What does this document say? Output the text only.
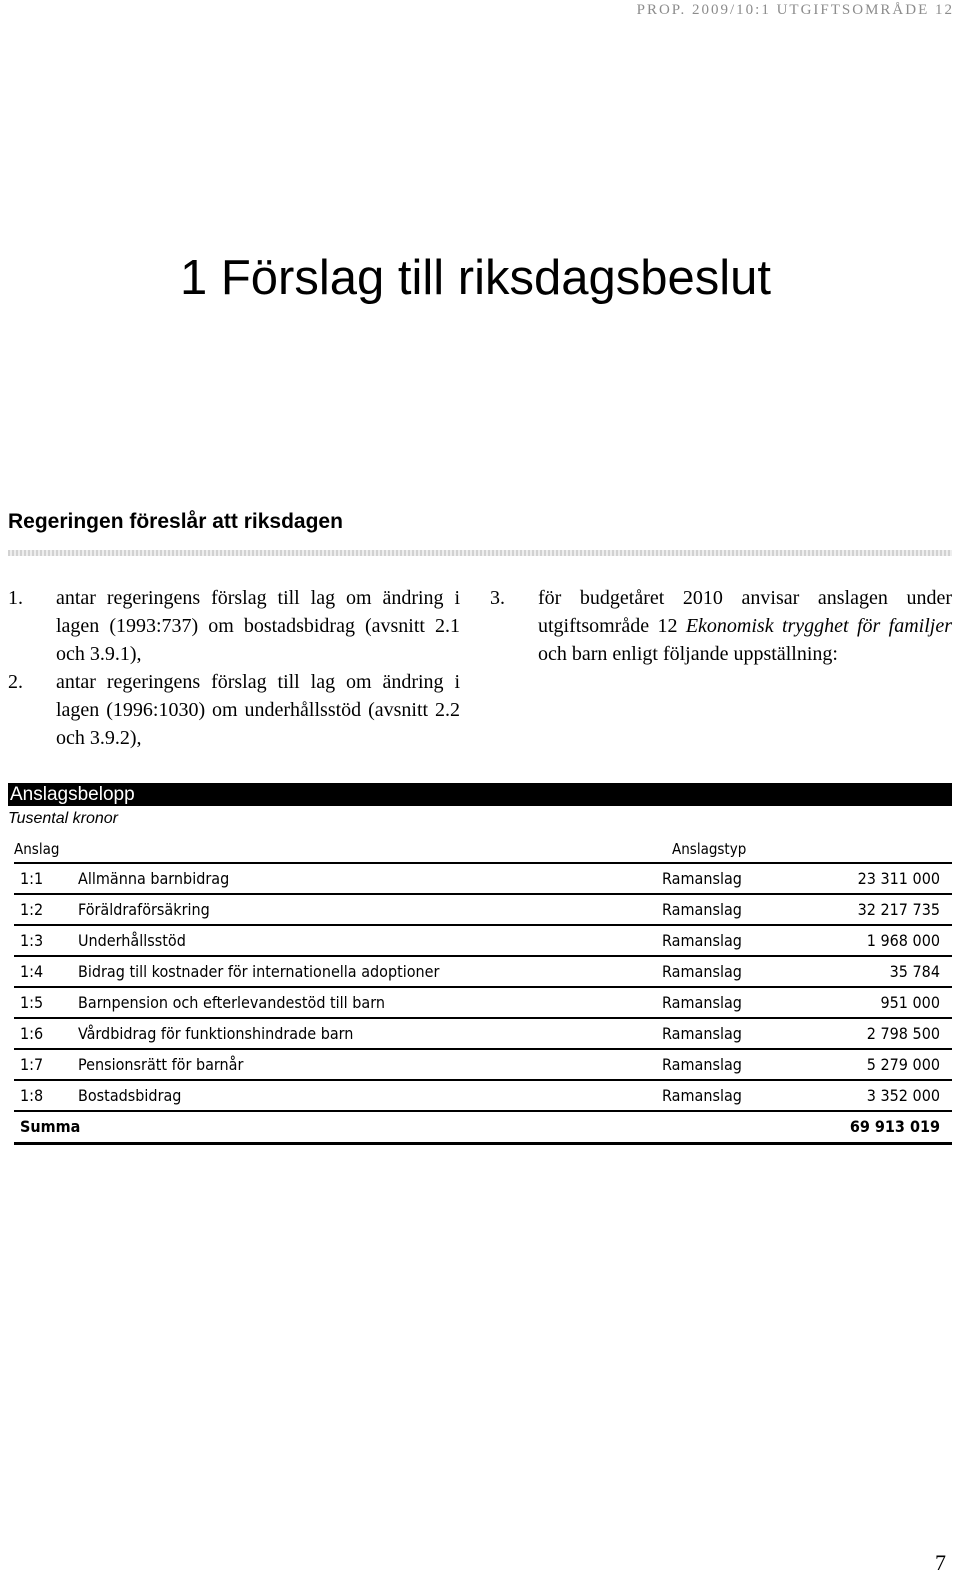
PROP. 2009/10:1 UTGIFTSOMRÅDE 12
1 Förslag till riksdagsbeslut
Regeringen föreslår att riksdagen
1.	antar regeringens förslag till lag om ändring i lagen (1993:737) om bostadsbidrag (avsnitt 2.1 och 3.9.1),
2.	antar regeringens förslag till lag om ändring i lagen (1996:1030) om underhållsstöd (avsnitt 2.2 och 3.9.2),
3.	för budgetåret 2010 anvisar anslagen under utgiftsområde 12 Ekonomisk trygghet för familjer och barn enligt följande uppställning:
Anslagsbelopp
Tusental kronor
Anslag	Anslagstyp
1:1 Allmänna barnbidrag	Ramanslag	23 311 000
1:2 Föräldraförsäkring	Ramanslag	32 217 735
1:3 Underhållsstöd	Ramanslag	1 968 000
1:4 Bidrag till kostnader för internationella adoptioner	Ramanslag	35 784
1:5 Barnpension och efterlevandestöd till barn	Ramanslag	951 000
1:6 Vårdbidrag för funktionshindrade barn	Ramanslag	2 798 500
1:7 Pensionsrätt för barnår	Ramanslag	5 279 000
1:8 Bostadsbidrag	Ramanslag	3 352 000
Summa	69 913 019
7
